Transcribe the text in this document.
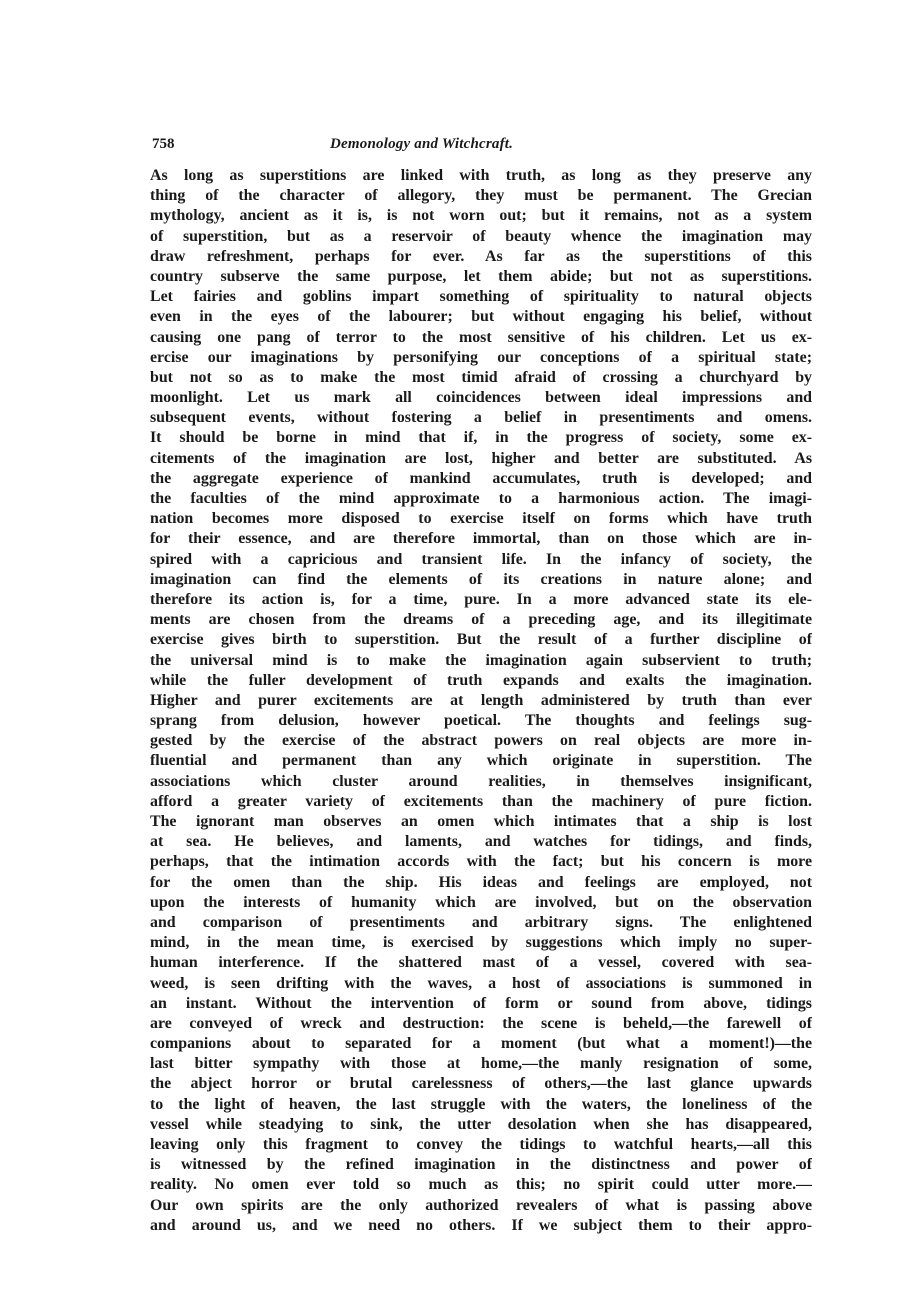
758	Demonology and Witchcraft.
As long as superstitions are linked with truth, as long as they preserve any
thing of the character of allegory, they must be permanent. The Grecian
mythology, ancient as it is, is not worn out; but it remains, not as a system
of superstition, but as a reservoir of beauty whence the imagination may
draw refreshment, perhaps for ever. As far as the superstitions of this
country subserve the same purpose, let them abide; but not as superstitions.
Let fairies and goblins impart something of spirituality to natural objects
even in the eyes of the labourer; but without engaging his belief, without
causing one pang of terror to the most sensitive of his children. Let us ex-
ercise our imaginations by personifying our conceptions of a spiritual state;
but not so as to make the most timid afraid of crossing a churchyard by
moonlight. Let us mark all coincidences between ideal impressions and
subsequent events, without fostering a belief in presentiments and omens.
It should be borne in mind that if, in the progress of society, some ex-
citements of the imagination are lost, higher and better are substituted. As
the aggregate experience of mankind accumulates, truth is developed; and
the faculties of the mind approximate to a harmonious action. The imagi-
nation becomes more disposed to exercise itself on forms which have truth
for their essence, and are therefore immortal, than on those which are in-
spired with a capricious and transient life. In the infancy of society, the
imagination can find the elements of its creations in nature alone; and
therefore its action is, for a time, pure. In a more advanced state its ele-
ments are chosen from the dreams of a preceding age, and its illegitimate
exercise gives birth to superstition. But the result of a further discipline of
the universal mind is to make the imagination again subservient to truth;
while the fuller development of truth expands and exalts the imagination.
Higher and purer excitements are at length administered by truth than ever
sprang from delusion, however poetical. The thoughts and feelings sug-
gested by the exercise of the abstract powers on real objects are more in-
fluential and permanent than any which originate in superstition. The
associations which cluster around realities, in themselves insignificant,
afford a greater variety of excitements than the machinery of pure fiction.
The ignorant man observes an omen which intimates that a ship is lost
at sea. He believes, and laments, and watches for tidings, and finds,
perhaps, that the intimation accords with the fact; but his concern is more
for the omen than the ship. His ideas and feelings are employed, not
upon the interests of humanity which are involved, but on the observation
and comparison of presentiments and arbitrary signs. The enlightened
mind, in the mean time, is exercised by suggestions which imply no super-
human interference. If the shattered mast of a vessel, covered with sea-
weed, is seen drifting with the waves, a host of associations is summoned in
an instant. Without the intervention of form or sound from above, tidings
are conveyed of wreck and destruction: the scene is beheld,—the farewell of
companions about to separated for a moment (but what a moment!)—the
last bitter sympathy with those at home,—the manly resignation of some,
the abject horror or brutal carelessness of others,—the last glance upwards
to the light of heaven, the last struggle with the waters, the loneliness of the
vessel while steadying to sink, the utter desolation when she has disappeared,
leaving only this fragment to convey the tidings to watchful hearts,—all this
is witnessed by the refined imagination in the distinctness and power of
reality. No omen ever told so much as this; no spirit could utter more.—
Our own spirits are the only authorized revealers of what is passing above
and around us, and we need no others. If we subject them to their appro-
